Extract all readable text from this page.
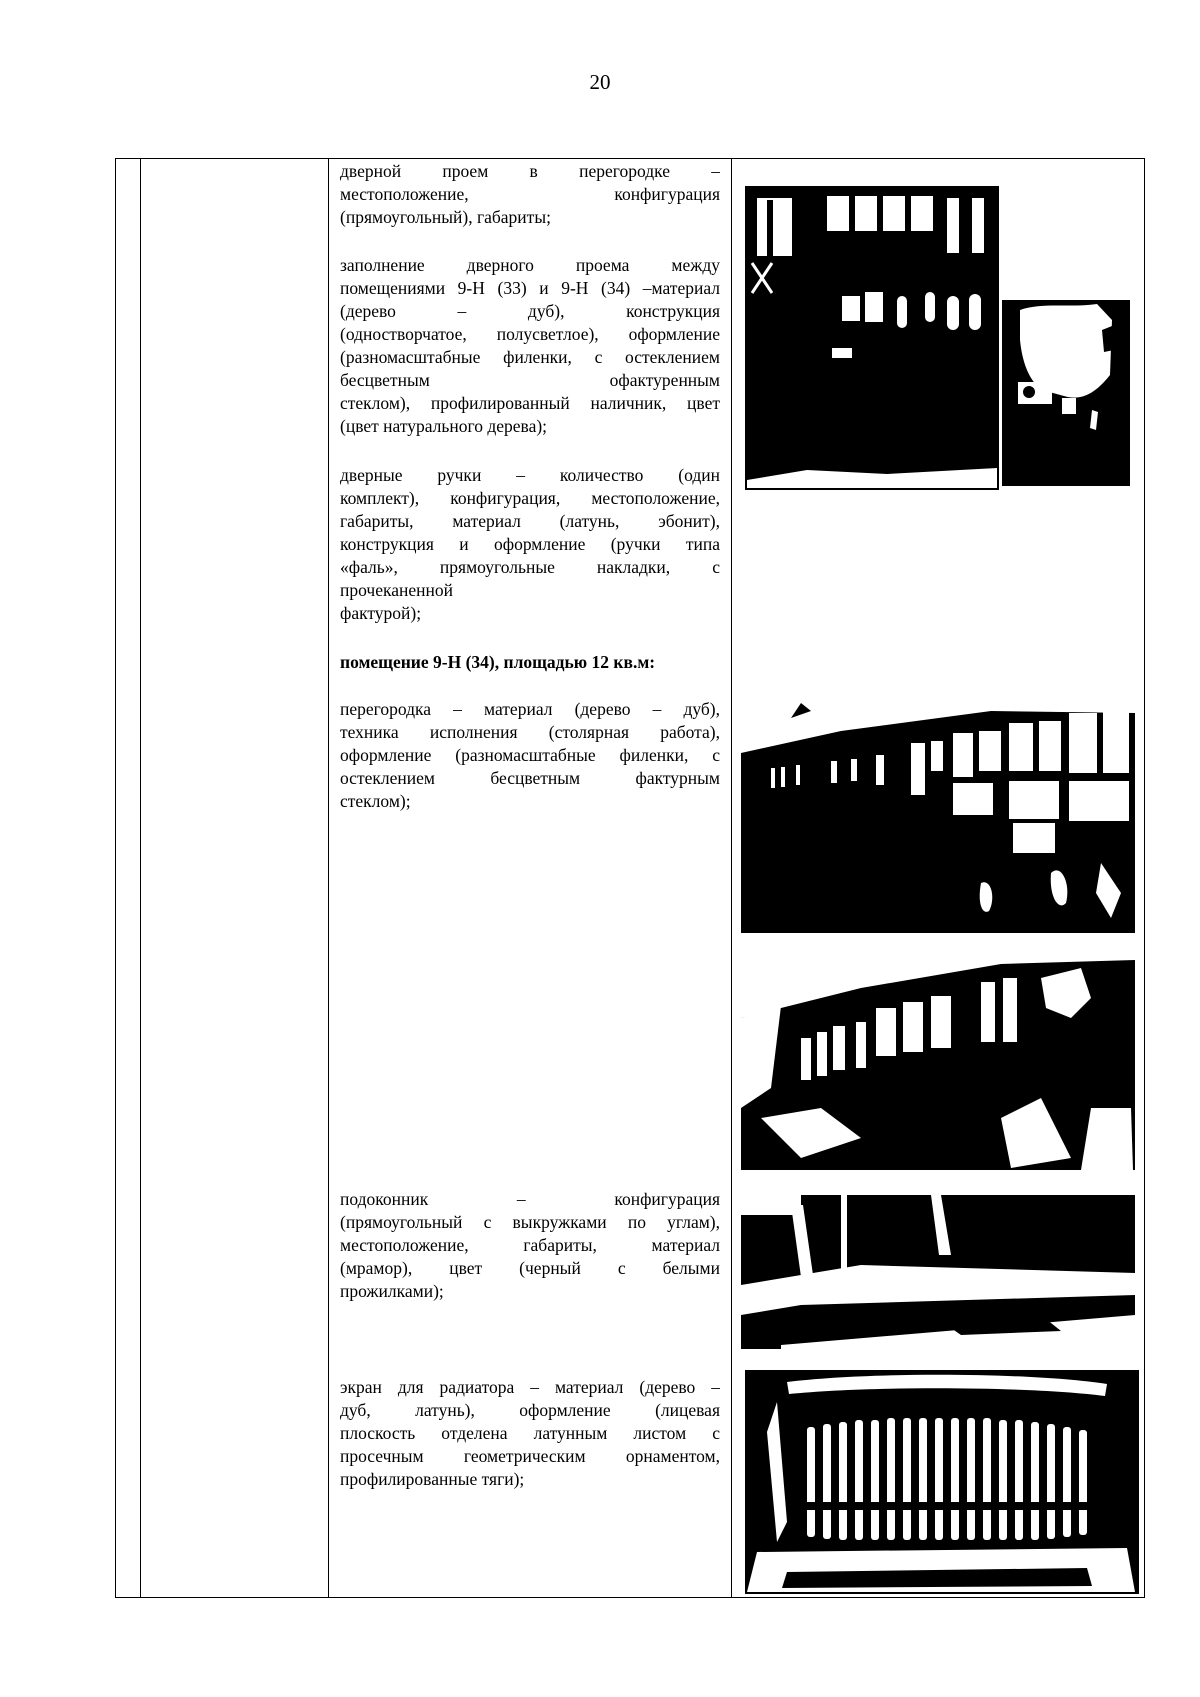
20
дверной проем в перегородке –
местоположение, конфигурация
(прямоугольный), габариты;
заполнение дверного проема между
помещениями 9-Н (33) и 9-Н (34) –материал
(дерево – дуб), конструкция
(одностворчатое, полусветлое), оформление
(разномасштабные филенки, с остеклением
бесцветным офактуренным
стеклом), профилированный наличник, цвет
(цвет натурального дерева);
дверные ручки – количество (один
комплект), конфигурация, местоположение,
габариты, материал (латунь, эбонит),
конструкция и оформление (ручки типа
«фаль», прямоугольные накладки, с
прочеканенной
фактурой);
помещение 9-Н (34), площадью 12 кв.м:
перегородка – материал (дерево – дуб),
техника исполнения (столярная работа),
оформление (разномасштабные филенки, с
остеклением бесцветным фактурным
стеклом);
подоконник – конфигурация
(прямоугольный с выкружками по углам),
местоположение, габариты, материал
(мрамор), цвет (черный с белыми
прожилками);
экран для радиатора – материал (дерево –
дуб, латунь), оформление (лицевая
плоскость отделена латунным листом с
просечным геометрическим орнаментом,
профилированные тяги);
